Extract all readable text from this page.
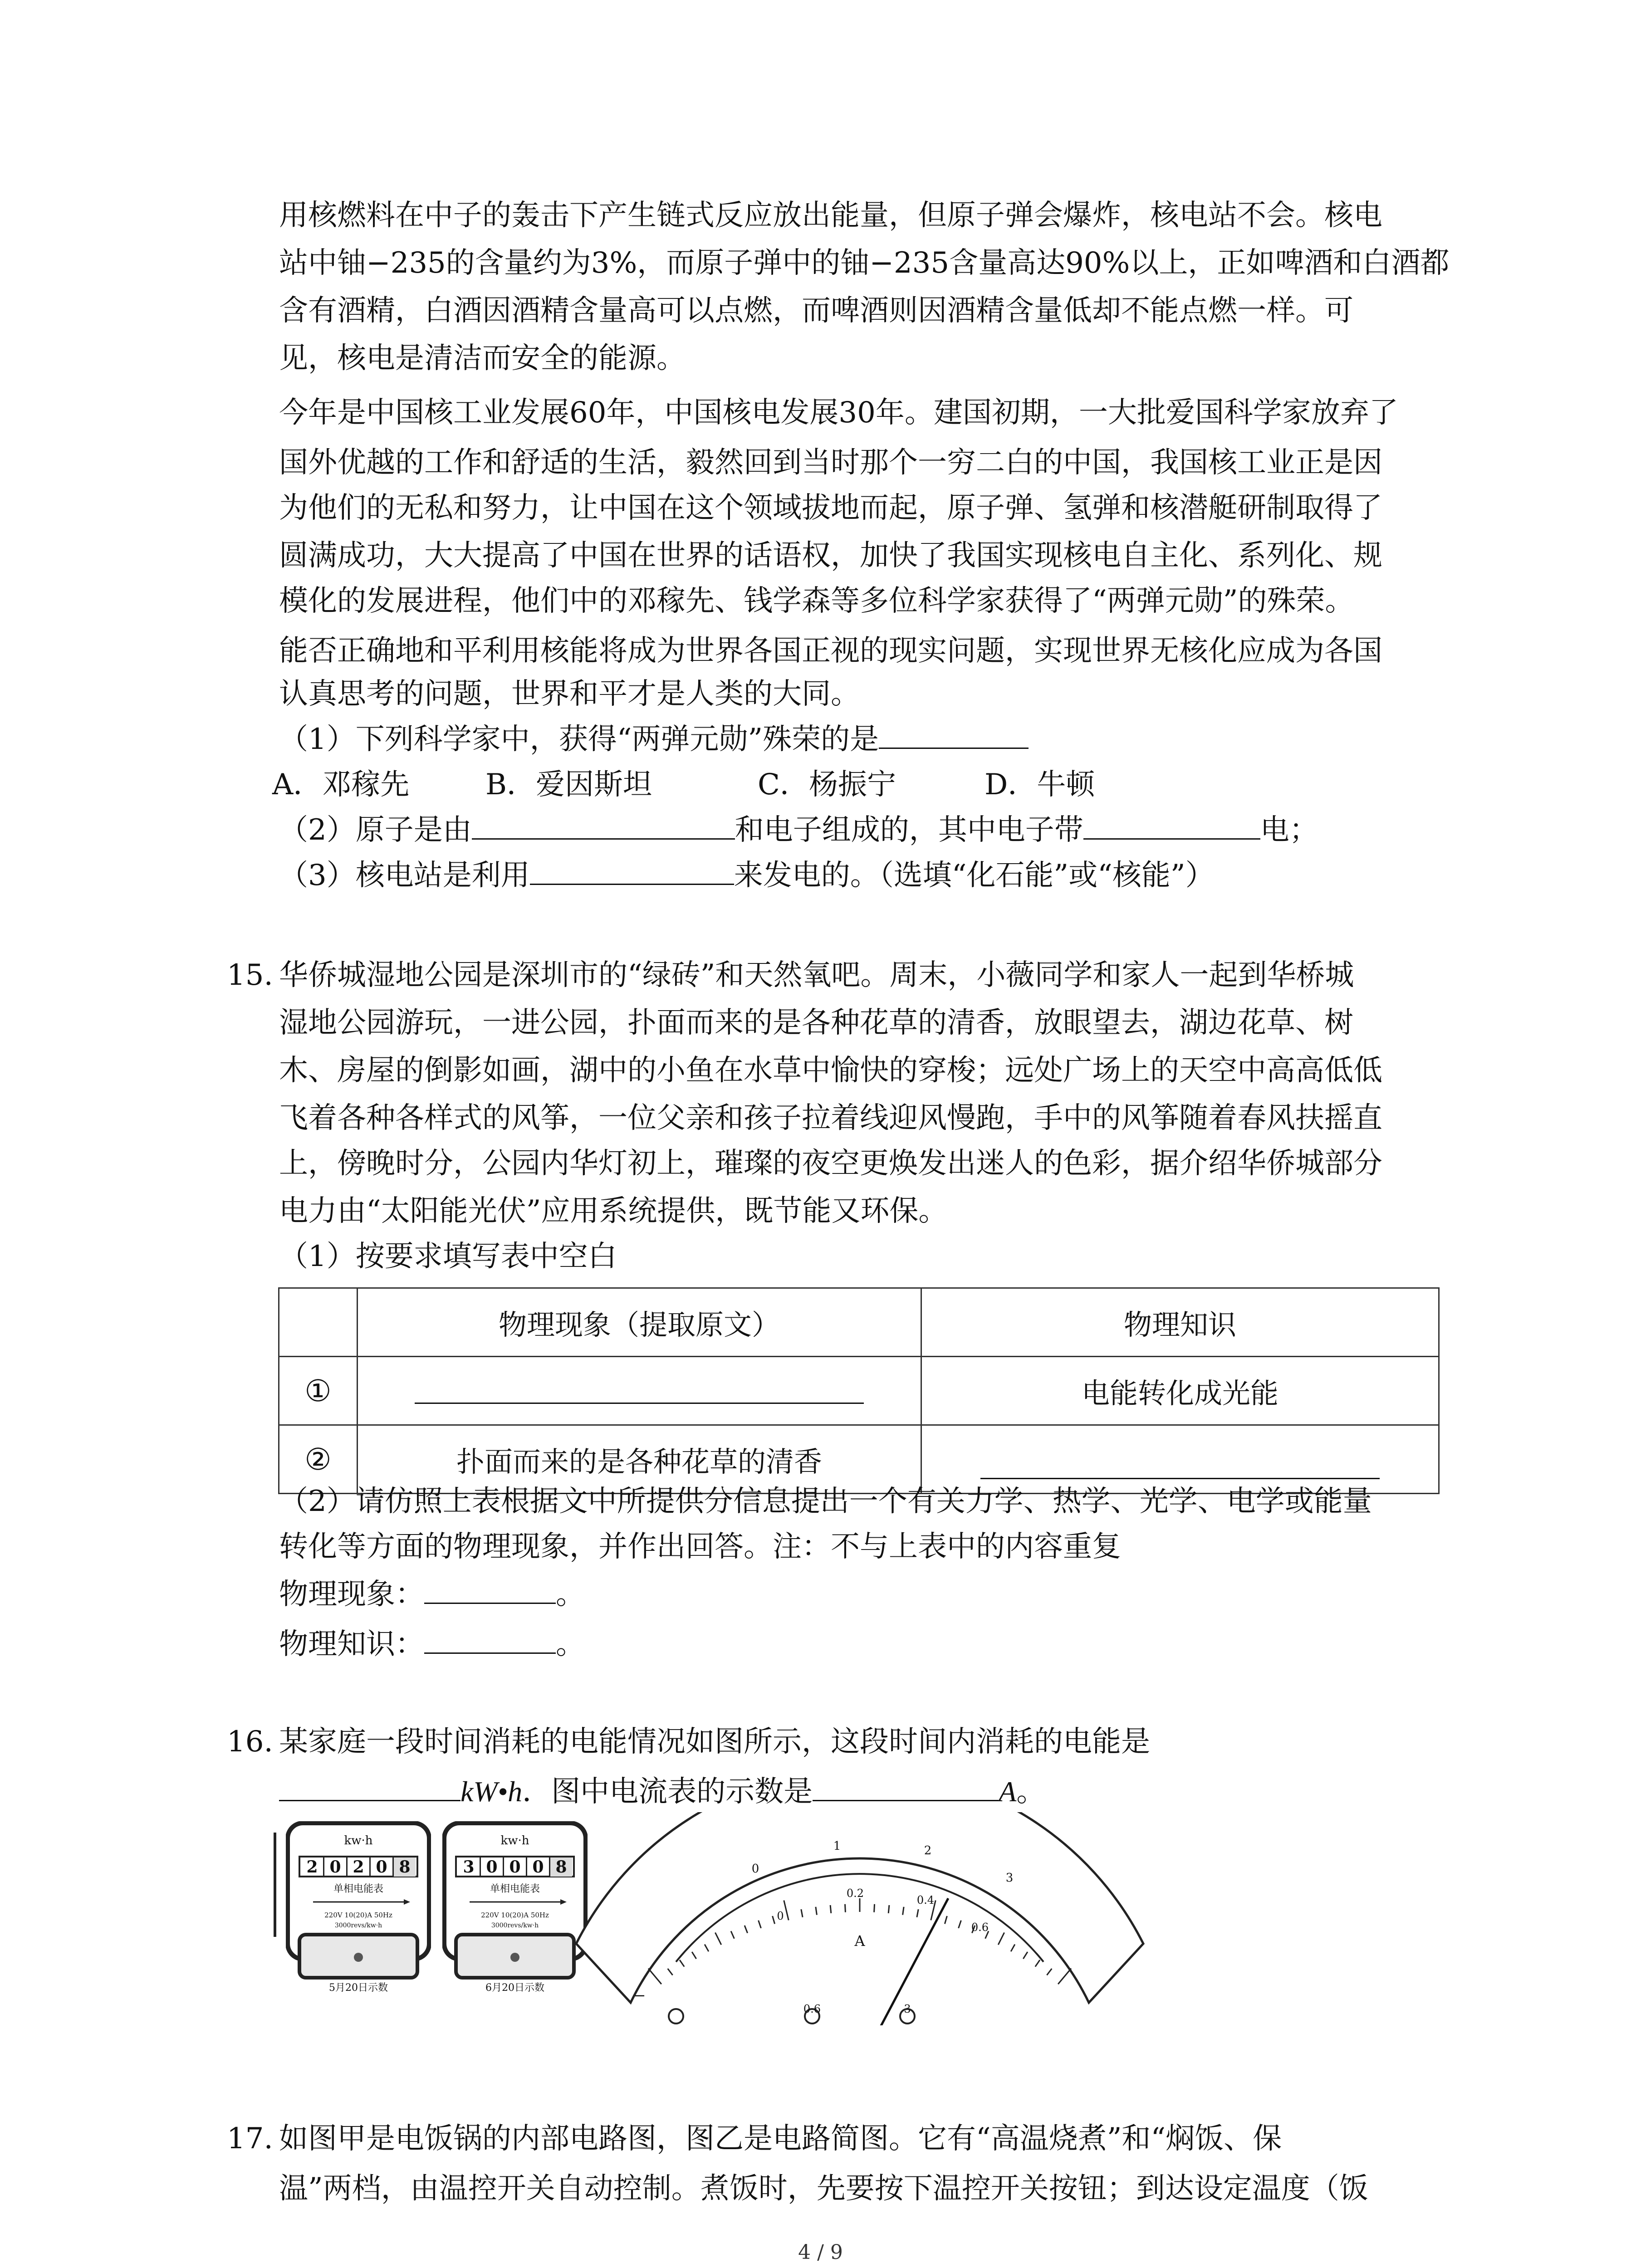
用核燃料在中子的轰击下产生链式反应放出能量，但原子弹会爆炸，核电站不会。核电
站中铀−235的含量约为3%，而原子弹中的铀−235含量高达90%以上，正如啤酒和白酒都
含有酒精，白酒因酒精含量高可以点燃，而啤酒则因酒精含量低却不能点燃一样。可
见，核电是清洁而安全的能源。
今年是中国核工业发展60年，中国核电发展30年。建国初期，一大批爱国科学家放弃了
国外优越的工作和舒适的生活，毅然回到当时那个一穷二白的中国，我国核工业正是因
为他们的无私和努力，让中国在这个领域拔地而起，原子弹、氢弹和核潜艇研制取得了
圆满成功，大大提高了中国在世界的话语权，加快了我国实现核电自主化、系列化、规
模化的发展进程，他们中的邓稼先、钱学森等多位科学家获得了“两弹元勋”的殊荣。
能否正确地和平利用核能将成为世界各国正视的现实问题，实现世界无核化应成为各国
认真思考的问题，世界和平才是人类的大同。
（1）下列科学家中，获得“两弹元勋”殊荣的是
A．邓稼先	B．爱因斯坦	C．杨振宁	D．牛顿
（2）原子是由	和电子组成的，其中电子带	电；
（3）核电站是利用	来发电的。（选填“化石能”或“核能”）
15. 华侨城湿地公园是深圳市的“绿砖”和天然氧吧。周末，小薇同学和家人一起到华桥城
湿地公园游玩，一进公园，扑面而来的是各种花草的清香，放眼望去，湖边花草、树
木、房屋的倒影如画，湖中的小鱼在水草中愉快的穿梭；远处广场上的天空中高高低低
飞着各种各样式的风筝，一位父亲和孩子拉着线迎风慢跑，手中的风筝随着春风扶摇直
上，傍晚时分，公园内华灯初上，璀璨的夜空更焕发出迷人的色彩，据介绍华侨城部分
电力由“太阳能光伏”应用系统提供，既节能又环保。
（1）按要求填写表中空白
	物理现象（提取原文）	物理知识
①		电能转化成光能
②	扑面而来的是各种花草的清香	
（2）请仿照上表根据文中所提供分信息提出一个有关力学、热学、光学、电学或能量
转化等方面的物理现象，并作出回答。注：不与上表中的内容重复
物理现象：	。
物理知识：	。
16. 某家庭一段时间消耗的电能情况如图所示，这段时间内消耗的电能是
kW•h．图中电流表的示数是	A。
kw·h
2 0 2 0 8
单相电能表
220V 10(20)A 50Hz
3000revs/kw·h
5月20日示数
kw·h
3 0 0 0 8
单相电能表
220V 10(20)A 50Hz
3000revs/kw·h
6月20日示数
0
1	2
3
0
0.2
0.4
0.6
A
−
0.6	3
17. 如图甲是电饭锅的内部电路图，图乙是电路简图。它有“高温烧煮”和“焖饭、保
温”两档，由温控开关自动控制。煮饭时，先要按下温控开关按钮；到达设定温度（饭
4 / 9
